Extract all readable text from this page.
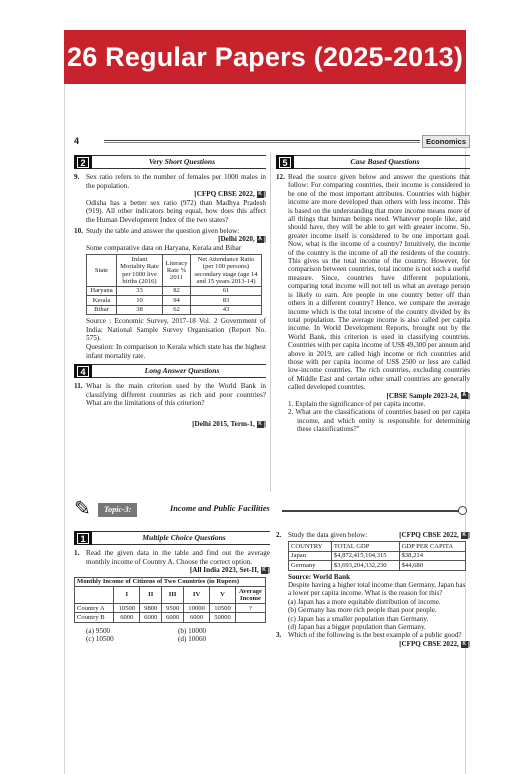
26 Regular Papers (2025-2013)
4	Economics
2	Very Short Questions
9. Sex ratio refers to the number of females per 1000 males in the population.
[CFPQ CBSE 2022, K ]
Odisha has a better sex ratio (972) than Madhya Pradesh (919). All other indicators being equal, how does this affect the Human Development Index of the two states?
10. Study the table and answer the question given below:
[Delhi 2020, A ]
Some comparative data on Haryana, Kerala and Bihar
State	Infant Mortality Rate per 1000 live births (2016)	Literacy Rate % 2011	Net Attendance Ratio (per 100 persons) secondary stage (age 14 and 15 years 2013-14)
Haryana	33	82	61
Kerala	10	94	83
Bihar	38	62	43
Source : Economic Survey, 2017-18 Vol. 2 Government of India: National Sample Survey Organisation (Report No. 575).
Question: In comparison to Kerala which state has the highest infant mortality rate.
4	Long Answer Questions
11. What is the main criterion used by the World Bank in classifying different countries as rich and poor countries? What are the limitations of this criterion?
[Delhi 2015, Term-1, K ]
5	Case Based Questions
12. Read the source given below and answer the questions that follow: For comparing countries, their income is considered to be one of the most important attributes. Countries with higher income are more developed than others with less income. This is based on the understanding that more income means more of all things that human beings need. Whatever people like, and should have, they will be able to get with greater income. So, greater income itself is considered to be one important goal. Now, what is the income of a country? Intuitively, the income of the country is the income of all the residents of the country. This gives us the total income of the country. However, for comparison between countries, total income is not such a useful measure. Since, countries have different populations, comparing total income will not tell us what an average person is likely to earn. Are people in one country better off than others in a different country? Hence, we compare the average income which is the total income of the country divided by its total population. The average income is also called per capita income. In World Development Reports, brought out by the World Bank, this criterion is used in classifying countries. Countries with per capita income of US$ 49,300 per annum and above in 2019, are called high income or rich countries and those with per capita income of US$ 2500 or less are called low-income countries. The rich countries, excluding countries of Middle East and certain other small countries are generally called developed countries.
[CBSE Sample 2023-24, A ]
1. Explain the significance of per capita income.
2. What are the classifications of countries based on per capita income, and which entity is responsible for determining these classifications?"
✎	Topic-3:	Income and Public Facilities
1	Multiple Choice Questions
1. Read the given data in the table and find out the average monthly income of Country A. Choose the correct option.
[All India 2023, Set-II, K ]
Monthly Income of Citizens of Two Countries (in Rupees)						
	I	II	III	IV	V	Average Income
Country A	10500	9800	9500	10000	10500	?
Country B	6000	6000	6000	6000	50000	
(a) 9500	(b) 10000
(c) 10500	(d) 10060
2. Study the data given below:	[CFPQ CBSE 2022, K ]
COUNTRY	TOTAL GDP	GDP PER CAPITA
Japan	$4,872,415,104,315	$38,214
Germany	$3,693,204,332,230	$44,680
Source: World Bank
Despite having a higher total income than Germany, Japan has a lower per capita income. What is the reason for this?
(a) Japan has a more equitable distribution of income.
(b) Germany has more rich people than poor people.
(c) Japan has a smaller population than Germany.
(d) Japan has a bigger population than Germany.
3. Which of the following is the best example of a public good?
[CFPQ CBSE 2022, K ]
